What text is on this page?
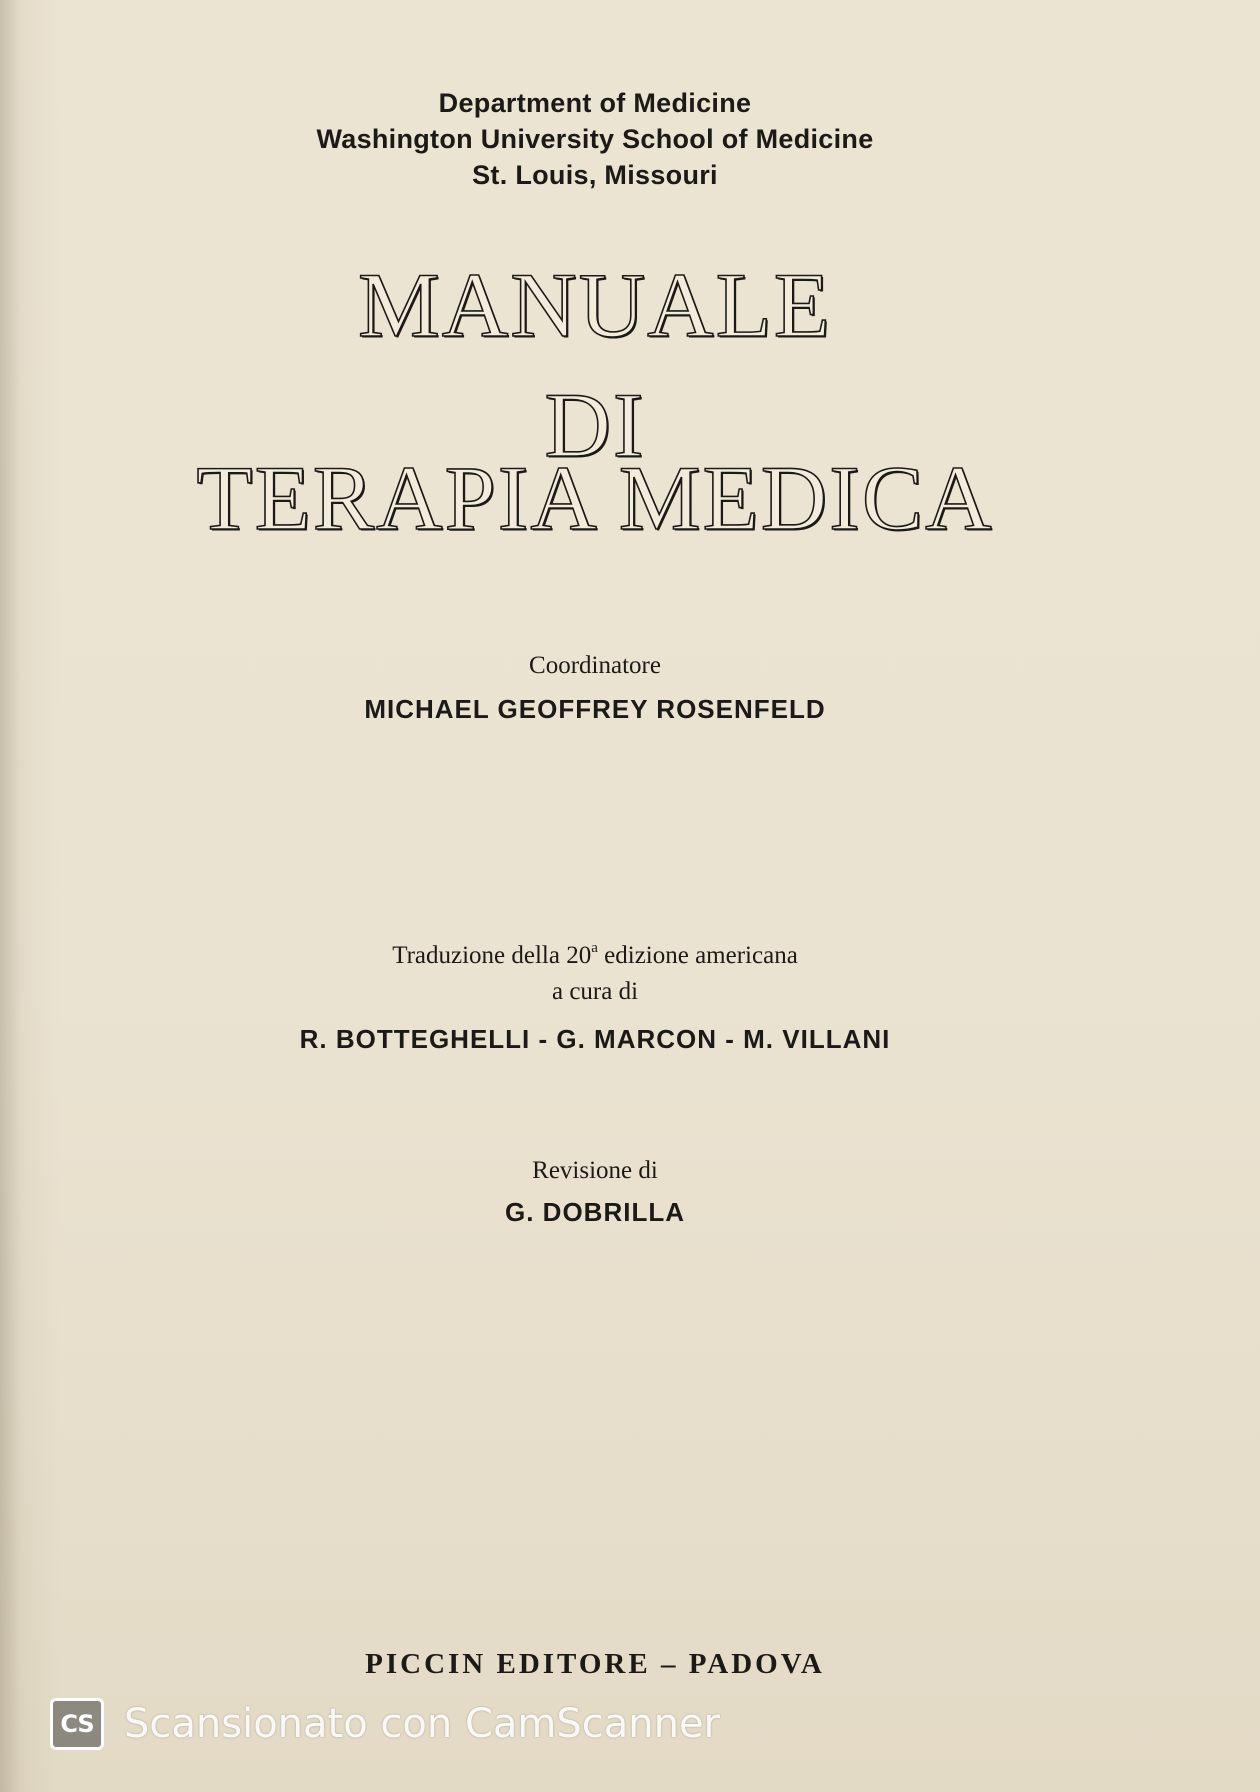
Department of Medicine
Washington University School of Medicine
St. Louis, Missouri
MANUALE
DI
TERAPIA MEDICA
Coordinatore
MICHAEL GEOFFREY ROSENFELD
Traduzione della 20$^a$ edizione americana
a cura di
R. BOTTEGHELLI - G. MARCON - M. VILLANI
Revisione di
G. DOBRILLA
PICCIN EDITORE – PADOVA
CS Scansionato con CamScanner
